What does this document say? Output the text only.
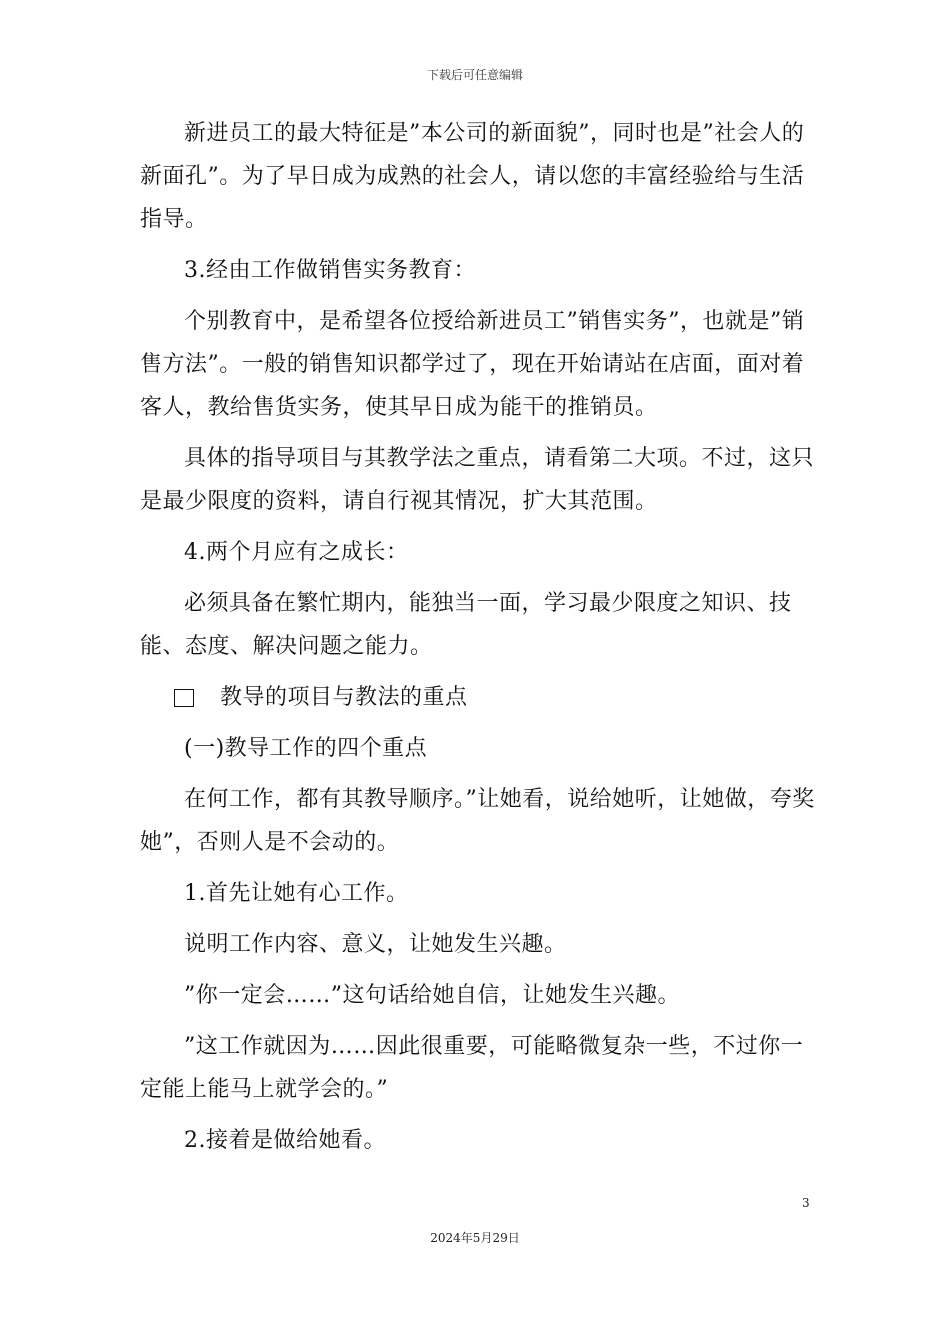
下载后可任意编辑

新进员工的最大特征是”本公司的新面貌”，同时也是”社会人的新面孔”。为了早日成为成熟的社会人，请以您的丰富经验给与生活指导。

3.经由工作做销售实务教育：

个别教育中，是希望各位授给新进员工”销售实务”，也就是”销售方法”。一般的销售知识都学过了，现在开始请站在店面，面对着客人，教给售货实务，使其早日成为能干的推销员。

具体的指导项目与其教学法之重点，请看第二大项。不过，这只是最少限度的资料，请自行视其情况，扩大其范围。

4.两个月应有之成长：

必须具备在繁忙期内，能独当一面，学习最少限度之知识、技能、态度、解决问题之能力。

教导的项目与教法的重点

(一)教导工作的四个重点

在何工作，都有其教导顺序。”让她看，说给她听，让她做，夸奖她”，否则人是不会动的。

1.首先让她有心工作。

说明工作内容、意义，让她发生兴趣。

”你一定会……”这句话给她自信，让她发生兴趣。

”这工作就因为……因此很重要，可能略微复杂一些，不过你一定能上能马上就学会的。”

2.接着是做给她看。

3
2024年5月29日
